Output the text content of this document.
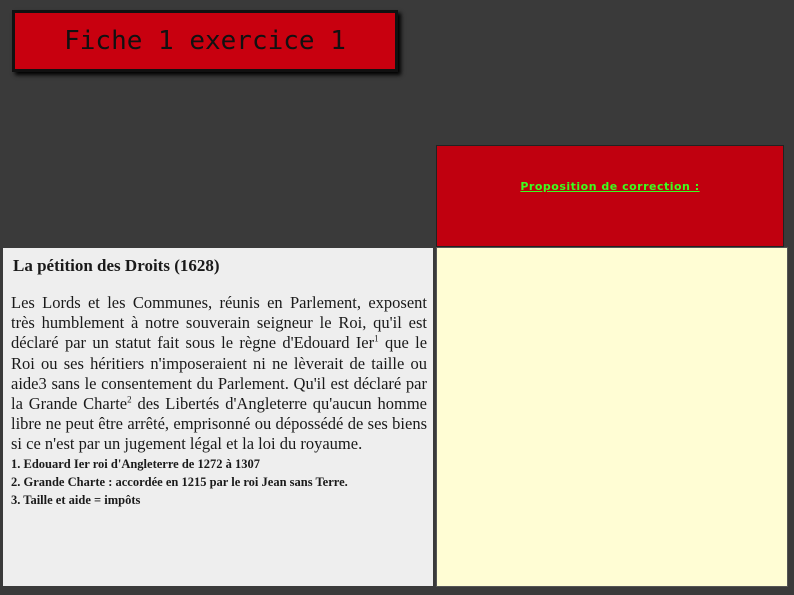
Fiche 1 exercice 1
Proposition de correction :
La pétition des Droits (1628)

Les Lords et les Communes, réunis en Parlement, exposent très humblement à notre souverain seigneur le Roi, qu'il est déclaré par un statut fait sous le règne d'Edouard Ier$^1$ que le Roi ou ses héritiers n'imposeraient ni ne lèverait de taille ou aide3 sans le consentement du Parlement. Qu'il est déclaré par la Grande Charte$^2$ des Libertés d'Angleterre qu'aucun homme libre ne peut être arrêté, emprisonné ou dépossédé de ses biens si ce n'est par un jugement légal et la loi du royaume.

1. Edouard Ier roi d'Angleterre de 1272 à 1307

2. Grande Charte : accordée en 1215 par le roi Jean sans Terre.

3. Taille et aide = impôts
